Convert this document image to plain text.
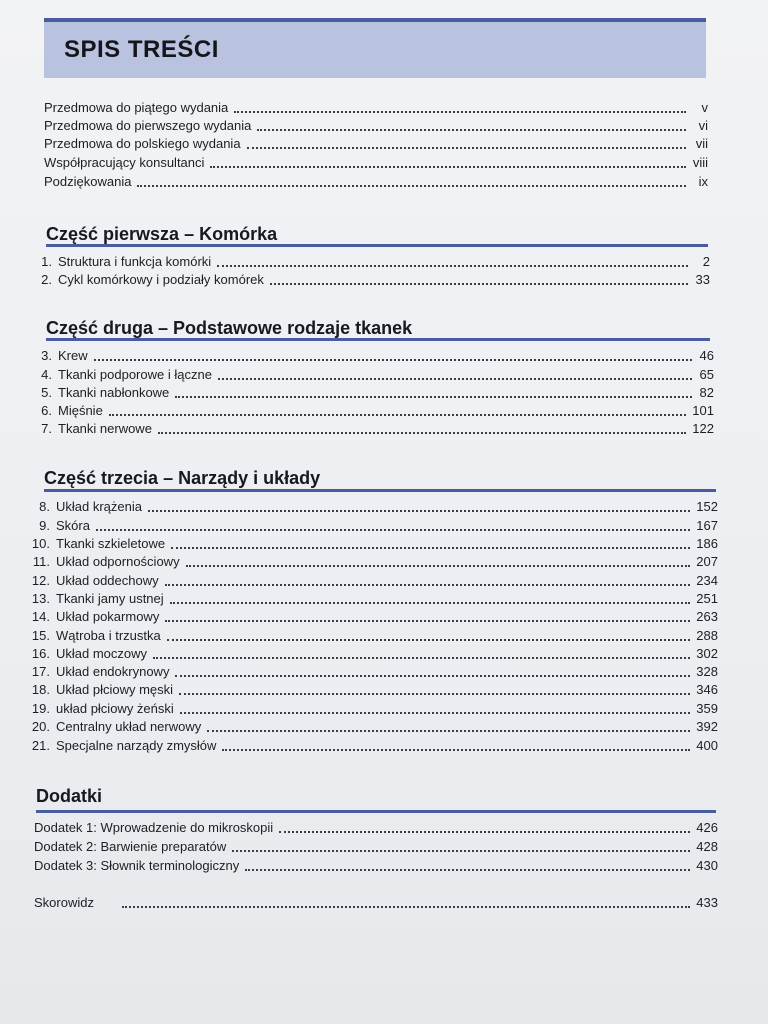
SPIS TREŚCI
Przedmowa do piątego wydania	v
Przedmowa do pierwszego wydania	vi
Przedmowa do polskiego wydania	vii
Współpracujący konsultanci	viii
Podziękowania	ix
Część pierwsza – Komórka
1. Struktura i funkcja komórki	2
2. Cykl komórkowy i podziały komórek	33
Część druga – Podstawowe rodzaje tkanek
3. Krew	46
4. Tkanki podporowe i łączne	65
5. Tkanki nabłonkowe	82
6. Mięśnie	101
7. Tkanki nerwowe	122
Część trzecia – Narządy i układy
8. Układ krążenia	152
9. Skóra	167
10. Tkanki szkieletowe	186
11. Układ odpornościowy	207
12. Układ oddechowy	234
13. Tkanki jamy ustnej	251
14. Układ pokarmowy	263
15. Wątroba i trzustka	288
16. Układ moczowy	302
17. Układ endokrynowy	328
18. Układ płciowy męski	346
19. układ płciowy żeński	359
20. Centralny układ nerwowy	392
21. Specjalne narządy zmysłów	400
Dodatki
Dodatek 1: Wprowadzenie do mikroskopii	426
Dodatek 2: Barwienie preparatów	428
Dodatek 3: Słownik terminologiczny	430
Skorowidz	433
